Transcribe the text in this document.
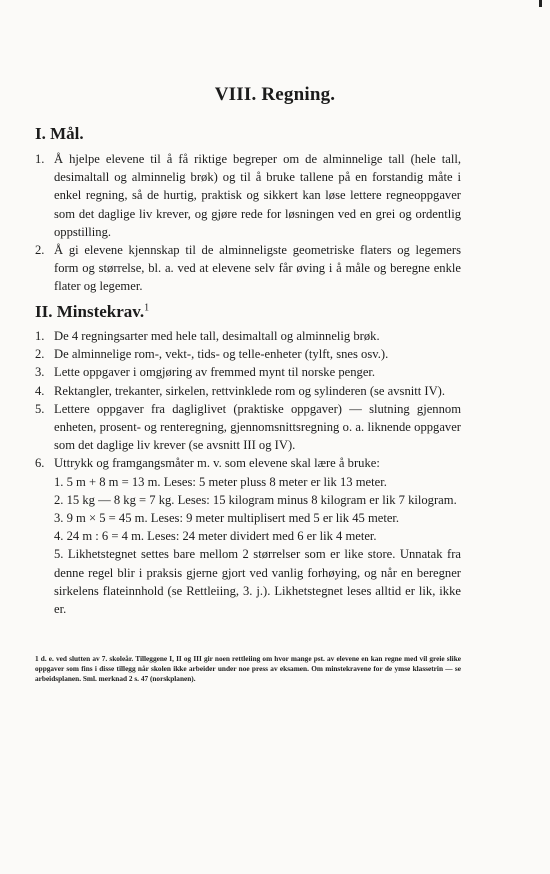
VIII. Regning.
I. Mål.
1. Å hjelpe elevene til å få riktige begreper om de alminnelige tall (hele tall, desimaltall og alminnelig brøk) og til å bruke tallene på en forstandig måte i enkel regning, så de hurtig, praktisk og sikkert kan løse lettere regneoppgaver som det daglige liv krever, og gjøre rede for løsningen ved en grei og ordentlig oppstilling.
2. Å gi elevene kjennskap til de alminneligste geometriske flaters og legemers form og størrelse, bl. a. ved at elevene selv får øving i å måle og beregne enkle flater og legemer.
II. Minstekrav.$^1$
1. De 4 regningsarter med hele tall, desimaltall og alminnelig brøk.
2. De alminnelige rom-, vekt-, tids- og telle-enheter (tylft, snes osv.).
3. Lette oppgaver i omgjøring av fremmed mynt til norske penger.
4. Rektangler, trekanter, sirkelen, rettvinklede rom og sylinderen (se avsnitt IV).
5. Lettere oppgaver fra dagliglivet (praktiske oppgaver) — slutning gjennom enheten, prosent- og renteregning, gjennomsnittsregning o. a. liknende oppgaver som det daglige liv krever (se avsnitt III og IV).
6. Uttrykk og framgangsmåter m. v. som elevene skal lære å bruke:
1. 5 m + 8 m = 13 m. Leses: 5 meter pluss 8 meter er lik 13 meter.
2. 15 kg — 8 kg = 7 kg. Leses: 15 kilogram minus 8 kilogram er lik 7 kilogram.
3. 9 m × 5 = 45 m. Leses: 9 meter multiplisert med 5 er lik 45 meter.
4. 24 m : 6 = 4 m. Leses: 24 meter dividert med 6 er lik 4 meter.
5. Likhetstegnet settes bare mellom 2 størrelser som er like store. Unnatak fra denne regel blir i praksis gjerne gjort ved vanlig forhøying, og når en beregner sirkelens flateinnhold (se Rettleiing, 3. j.). Likhetstegnet leses alltid er lik, ikke er.
1 d. e. ved slutten av 7. skoleår. Tilleggene I, II og III gir noen rettleiing om hvor mange pst. av elevene en kan regne med vil greie slike oppgaver som fins i disse tillegg når skolen ikke arbeider under noe press av eksamen. Om minstekravene for de ymse klassetrin — se arbeidsplanen. Sml. merknad 2 s. 47 (norskplanen).
